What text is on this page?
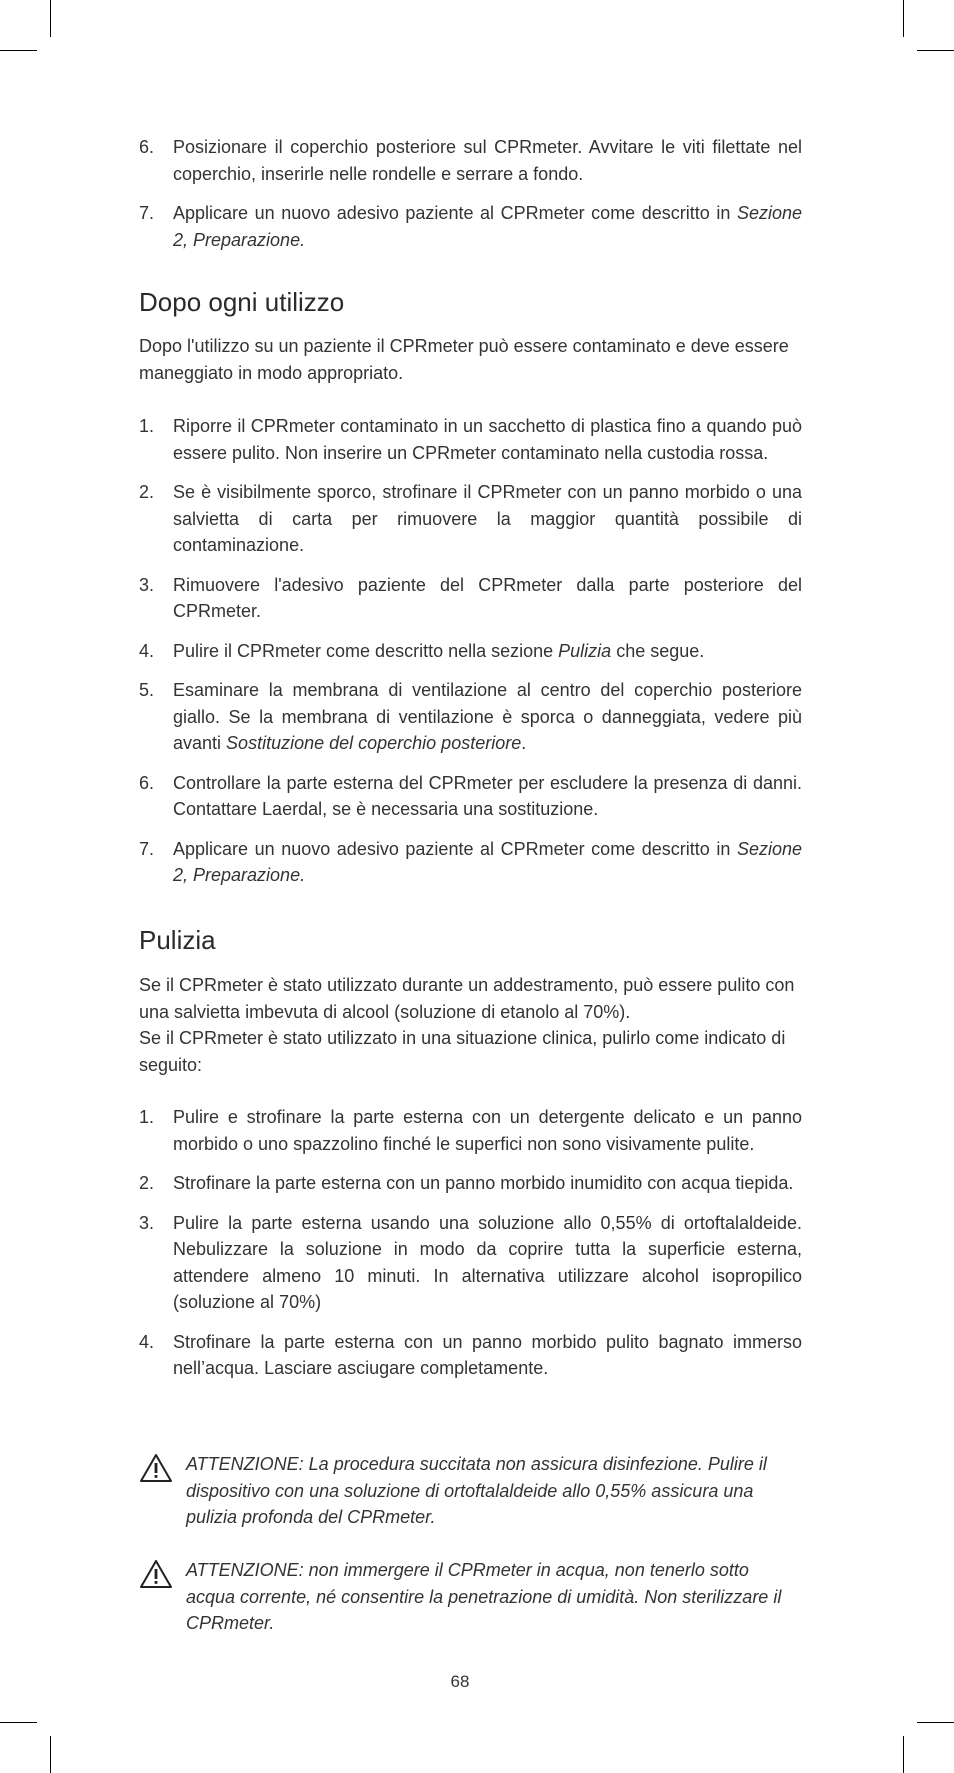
6. Posizionare il coperchio posteriore sul CPRmeter. Avvitare le viti filettate nel coperchio, inserirle nelle rondelle e serrare a fondo.
7. Applicare un nuovo adesivo paziente al CPRmeter come descritto in Sezione 2, Preparazione.
Dopo ogni utilizzo

Dopo l'utilizzo su un paziente il CPRmeter può essere contaminato e deve essere maneggiato in modo appropriato.

1. Riporre il CPRmeter contaminato in un sacchetto di plastica fino a quando può essere pulito. Non inserire un CPRmeter contaminato nella custodia rossa.
2. Se è visibilmente sporco, strofinare il CPRmeter con un panno morbido o una salvietta di carta per rimuovere la maggior quantità possibile di contaminazione.
3. Rimuovere l'adesivo paziente del CPRmeter dalla parte posteriore del CPRmeter.
4. Pulire il CPRmeter come descritto nella sezione Pulizia che segue.
5. Esaminare la membrana di ventilazione al centro del coperchio posteriore giallo. Se la membrana di ventilazione è sporca o danneggiata, vedere più avanti Sostituzione del coperchio posteriore.
6. Controllare la parte esterna del CPRmeter per escludere la presenza di danni. Contattare Laerdal, se è necessaria una sostituzione.
7. Applicare un nuovo adesivo paziente al CPRmeter come descritto in Sezione 2, Preparazione.
Pulizia

Se il CPRmeter è stato utilizzato durante un addestramento, può essere pulito con una salvietta imbevuta di alcool (soluzione di etanolo al 70%).

Se il CPRmeter è stato utilizzato in una situazione clinica, pulirlo come indicato di seguito:

1. Pulire e strofinare la parte esterna con un detergente delicato e un panno morbido o uno spazzolino finché le superfici non sono visivamente pulite.
2. Strofinare la parte esterna con un panno morbido inumidito con acqua tiepida.
3. Pulire la parte esterna usando una soluzione allo 0,55% di ortoftalaldeide. Nebulizzare la soluzione in modo da coprire tutta la superficie esterna, attendere almeno 10 minuti. In alternativa utilizzare alcohol isopropilico (soluzione al 70%)
4. Strofinare la parte esterna con un panno morbido pulito bagnato immerso nell’acqua. Lasciare asciugare completamente.
ATTENZIONE: La procedura succitata non assicura disinfezione. Pulire il dispositivo con una soluzione di ortoftalaldeide allo 0,55% assicura una pulizia profonda del CPRmeter.
ATTENZIONE: non immergere il CPRmeter in acqua, non tenerlo sotto acqua corrente, né consentire la penetrazione di umidità. Non sterilizzare il CPRmeter.
68
